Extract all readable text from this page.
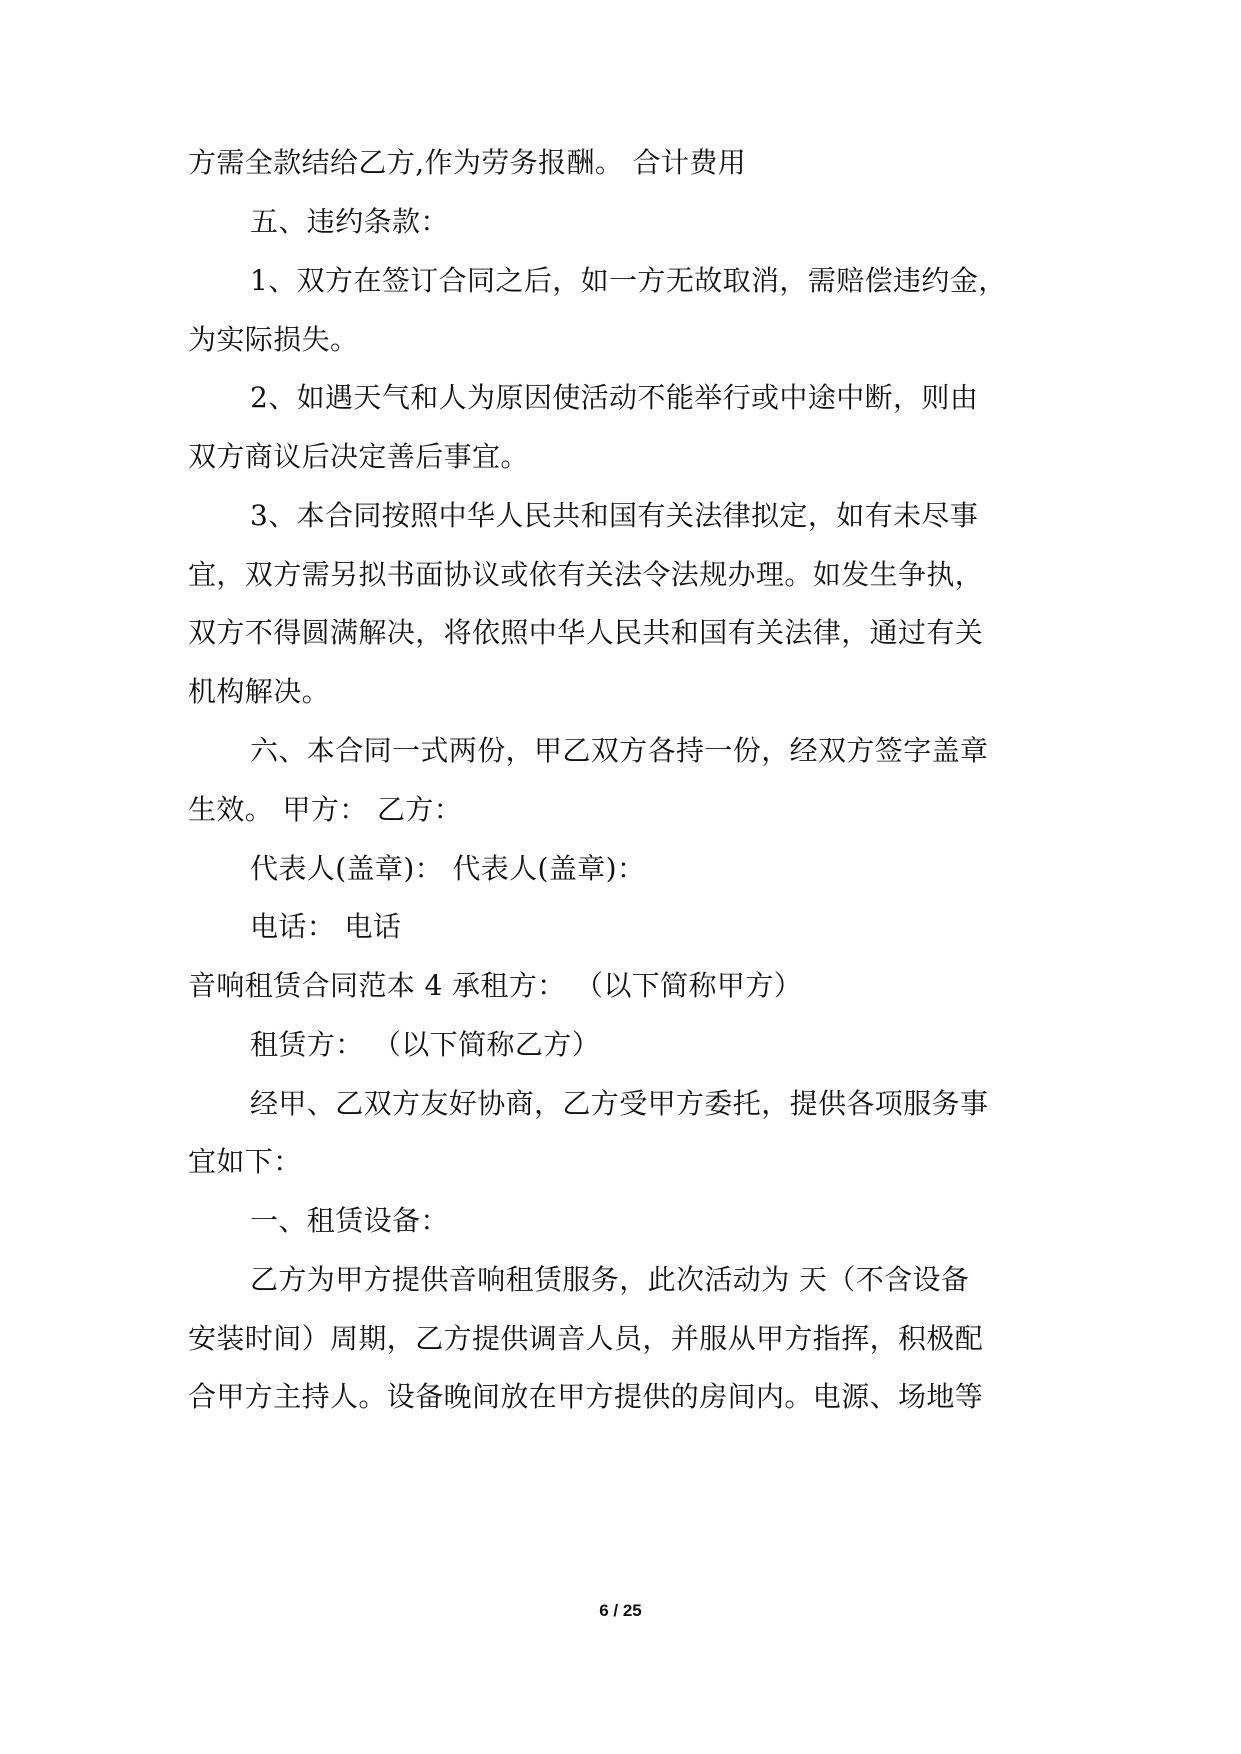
方需全款结给乙方,作为劳务报酬。 合计费用
五、违约条款：
1、双方在签订合同之后，如一方无故取消，需赔偿违约金，
为实际损失。
2、如遇天气和人为原因使活动不能举行或中途中断，则由
双方商议后决定善后事宜。
3、本合同按照中华人民共和国有关法律拟定，如有未尽事
宜，双方需另拟书面协议或依有关法令法规办理。如发生争执，
双方不得圆满解决，将依照中华人民共和国有关法律，通过有关
机构解决。
六、本合同一式两份，甲乙双方各持一份，经双方签字盖章
生效。 甲方： 乙方：
代表人(盖章)： 代表人(盖章)：
电话： 电话
音响租赁合同范本 4 承租方： （以下简称甲方）
租赁方： （以下简称乙方）
经甲、乙双方友好协商，乙方受甲方委托，提供各项服务事
宜如下：
一、租赁设备：
乙方为甲方提供音响租赁服务，此次活动为 天（不含设备
安装时间）周期，乙方提供调音人员，并服从甲方指挥，积极配
合甲方主持人。设备晚间放在甲方提供的房间内。电源、场地等
6 / 25
